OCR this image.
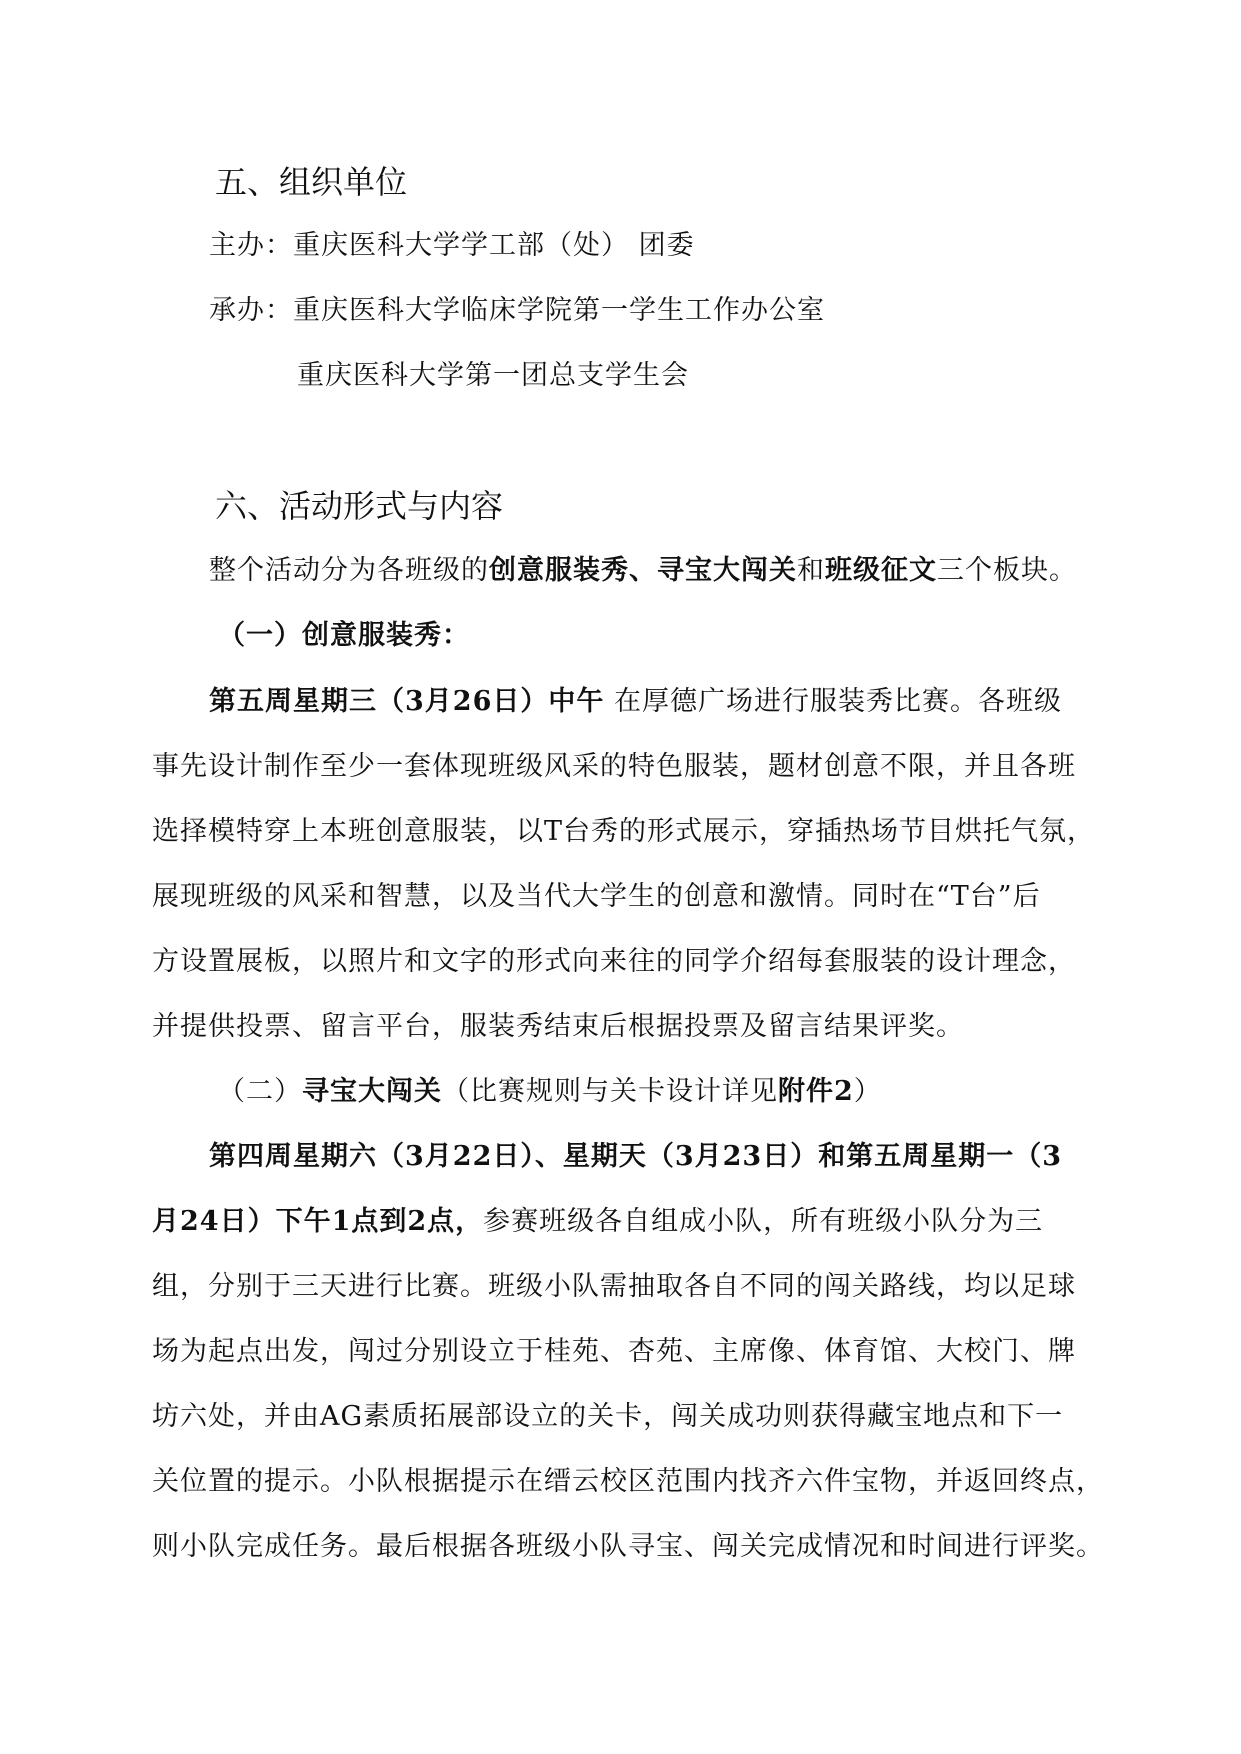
五、组织单位

主办：重庆医科大学学工部（处） 团委

承办：重庆医科大学临床学院第一学生工作办公室

重庆医科大学第一团总支学生会

六、活动形式与内容

整个活动分为各班级的创意服装秀、寻宝大闯关和班级征文三个板块。

（一）创意服装秀：

第五周星期三（3月26日）中午 在厚德广场进行服装秀比赛。各班级

事先设计制作至少一套体现班级风采的特色服装，题材创意不限，并且各班

选择模特穿上本班创意服装，以T台秀的形式展示，穿插热场节目烘托气氛，

展现班级的风采和智慧，以及当代大学生的创意和激情。同时在“T台”后

方设置展板，以照片和文字的形式向来往的同学介绍每套服装的设计理念，

并提供投票、留言平台，服装秀结束后根据投票及留言结果评奖。

（二）寻宝大闯关（比赛规则与关卡设计详见附件2）

第四周星期六（3月22日）、星期天（3月23日）和第五周星期一（3

月24日）下午1点到2点，参赛班级各自组成小队，所有班级小队分为三

组，分别于三天进行比赛。班级小队需抽取各自不同的闯关路线，均以足球

场为起点出发，闯过分别设立于桂苑、杏苑、主席像、体育馆、大校门、牌

坊六处，并由AG素质拓展部设立的关卡，闯关成功则获得藏宝地点和下一

关位置的提示。小队根据提示在缙云校区范围内找齐六件宝物，并返回终点，

则小队完成任务。最后根据各班级小队寻宝、闯关完成情况和时间进行评奖。
